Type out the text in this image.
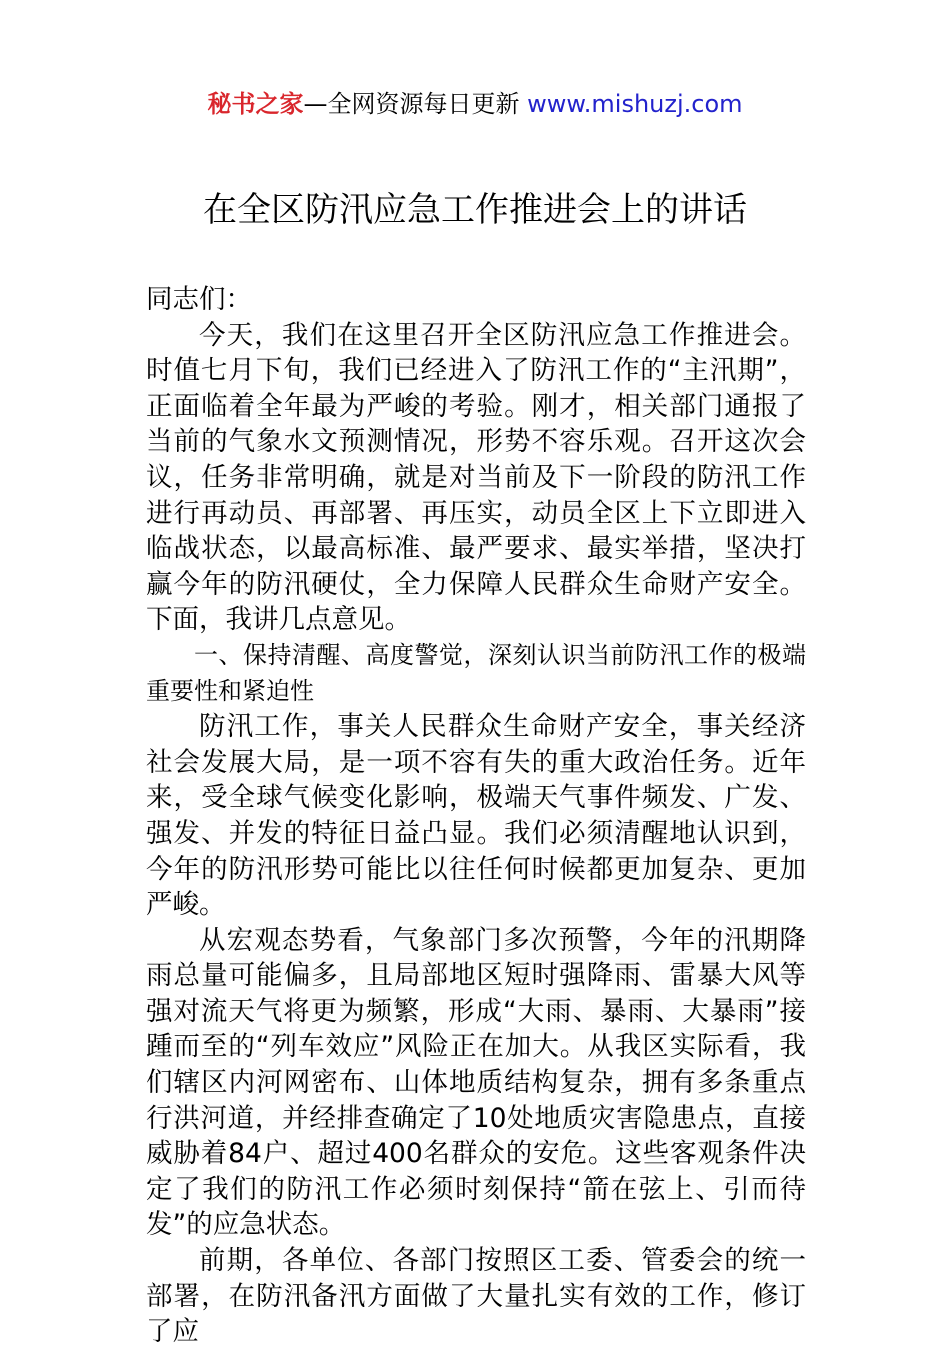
秘书之家—全网资源每日更新 www.mishuzj.com
在全区防汛应急工作推进会上的讲话

同志们：

今天，我们在这里召开全区防汛应急工作推进会。时值七月下旬，我们已经进入了防汛工作的“主汛期”，正面临着全年最为严峻的考验。刚才，相关部门通报了当前的气象水文预测情况，形势不容乐观。召开这次会议，任务非常明确，就是对当前及下一阶段的防汛工作进行再动员、再部署、再压实，动员全区上下立即进入临战状态，以最高标准、最严要求、最实举措，坚决打赢今年的防汛硬仗，全力保障人民群众生命财产安全。下面，我讲几点意见。

一、保持清醒、高度警觉，深刻认识当前防汛工作的极端重要性和紧迫性

防汛工作，事关人民群众生命财产安全，事关经济社会发展大局，是一项不容有失的重大政治任务。近年来，受全球气候变化影响，极端天气事件频发、广发、强发、并发的特征日益凸显。我们必须清醒地认识到，今年的防汛形势可能比以往任何时候都更加复杂、更加严峻。

从宏观态势看，气象部门多次预警，今年的汛期降雨总量可能偏多，且局部地区短时强降雨、雷暴大风等强对流天气将更为频繁，形成“大雨、暴雨、大暴雨”接踵而至的“列车效应”风险正在加大。从我区实际看，我们辖区内河网密布、山体地质结构复杂，拥有多条重点行洪河道，并经排查确定了10处地质灾害隐患点，直接威胁着84户、超过400名群众的安危。这些客观条件决定了我们的防汛工作必须时刻保持“箭在弦上、引而待发”的应急状态。

前期，各单位、各部门按照区工委、管委会的统一部署，在防汛备汛方面做了大量扎实有效的工作，修订了应
